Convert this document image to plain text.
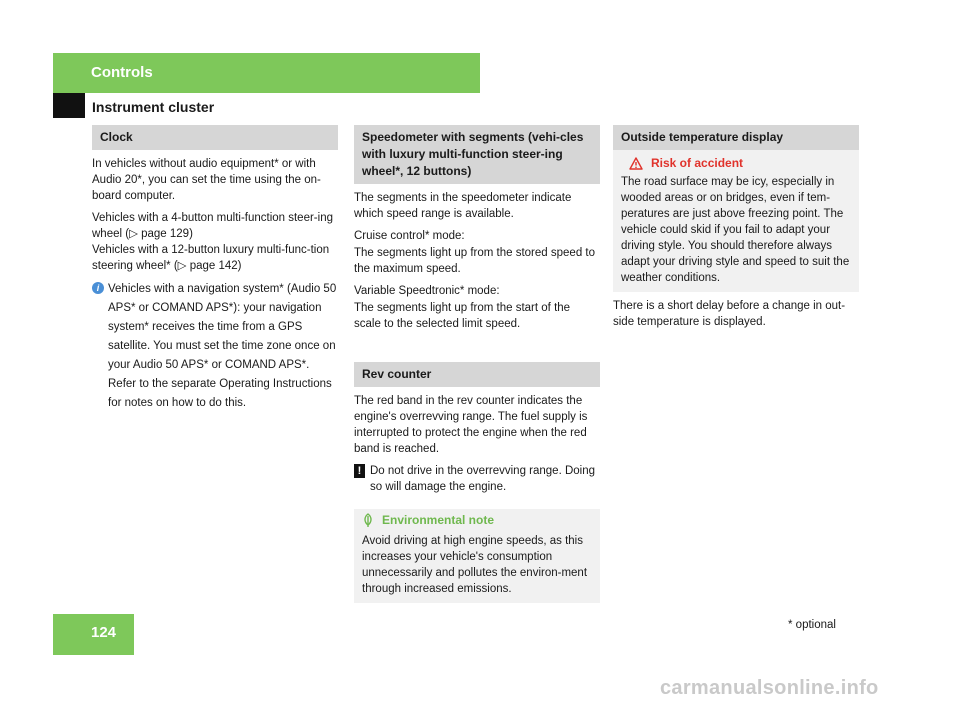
Controls
Instrument cluster
Clock

In vehicles without audio equipment* or with Audio 20*, you can set the time using the on-board computer.

Vehicles with a 4-button multi-function steer-ing wheel (▷ page 129)
Vehicles with a 12-button luxury multi-func-tion steering wheel* (▷ page 142)

i Vehicles with a navigation system* (Audio 50 APS* or COMAND APS*): your navigation system* receives the time from a GPS satellite. You must set the time zone once on your Audio 50 APS* or COMAND APS*. Refer to the separate Operating Instructions for notes on how to do this.
Speedometer with segments (vehi-cles with luxury multi-function steer-ing wheel*, 12 buttons)

The segments in the speedometer indicate which speed range is available.

Cruise control* mode:

The segments light up from the stored speed to the maximum speed.

Variable Speedtronic* mode:

The segments light up from the start of the scale to the selected limit speed.

Rev counter

The red band in the rev counter indicates the engine's overrevving range. The fuel supply is interrupted to protect the engine when the red band is reached.

! Do not drive in the overrevving range. Doing so will damage the engine.
Environmental note
Avoid driving at high engine speeds, as this increases your vehicle's consumption unnecessarily and pollutes the environ-ment through increased emissions.
Outside temperature display
Risk of accident
The road surface may be icy, especially in wooded areas or on bridges, even if tem-peratures are just above freezing point. The vehicle could skid if you fail to adapt your driving style. You should therefore always adapt your driving style and speed to suit the weather conditions.

There is a short delay before a change in out-side temperature is displayed.

124	* optional
carmanualsonline.info
